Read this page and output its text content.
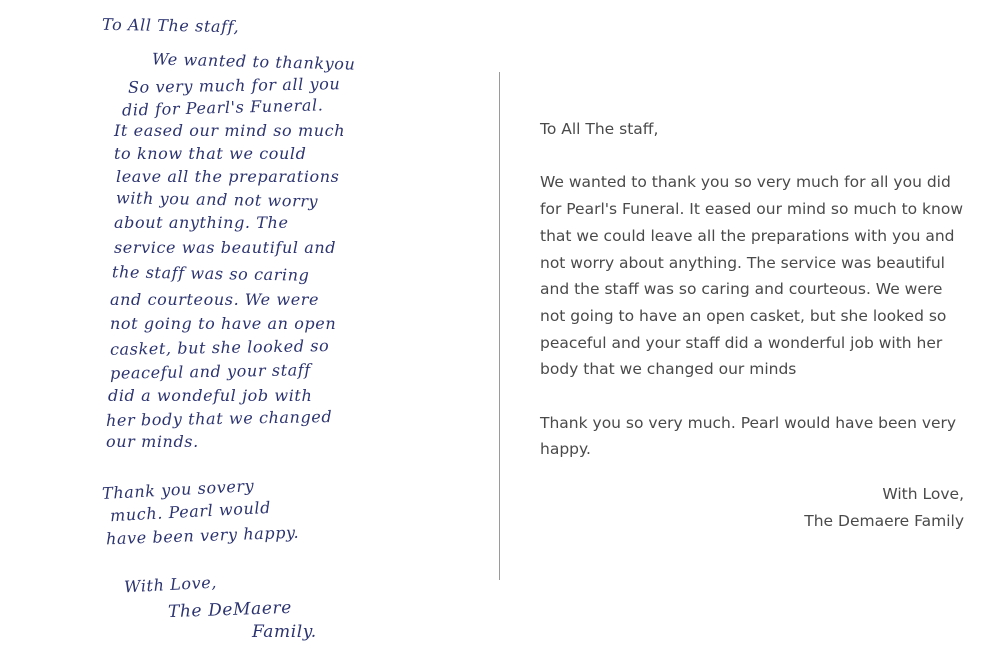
To All The staff,
We wanted to thankyou
So very much for all you
did for Pearl's Funeral.
It eased our mind so much
to know that we could
leave all the preparations
with you and not worry
about anything. The
service was beautiful and
the staff was so caring
and courteous. We were
not going to have an open
casket, but she looked so
peaceful and your staff
did a wondeful job with
her body that we changed
our minds.
Thank you sovery
much. Pearl would
have been very happy.
With Love,
The DeMaere
Family.

To All The staff,

We wanted to thank you so very much for all you did for Pearl's Funeral. It eased our mind so much to know that we could leave all the preparations with you and not worry about anything. The service was beautiful and the staff was so caring and courteous. We were not going to have an open casket, but she looked so peaceful and your staff did a wonderful job with her body that we changed our minds

Thank you so very much. Pearl would have been very happy.

With Love,

The Demaere Family
